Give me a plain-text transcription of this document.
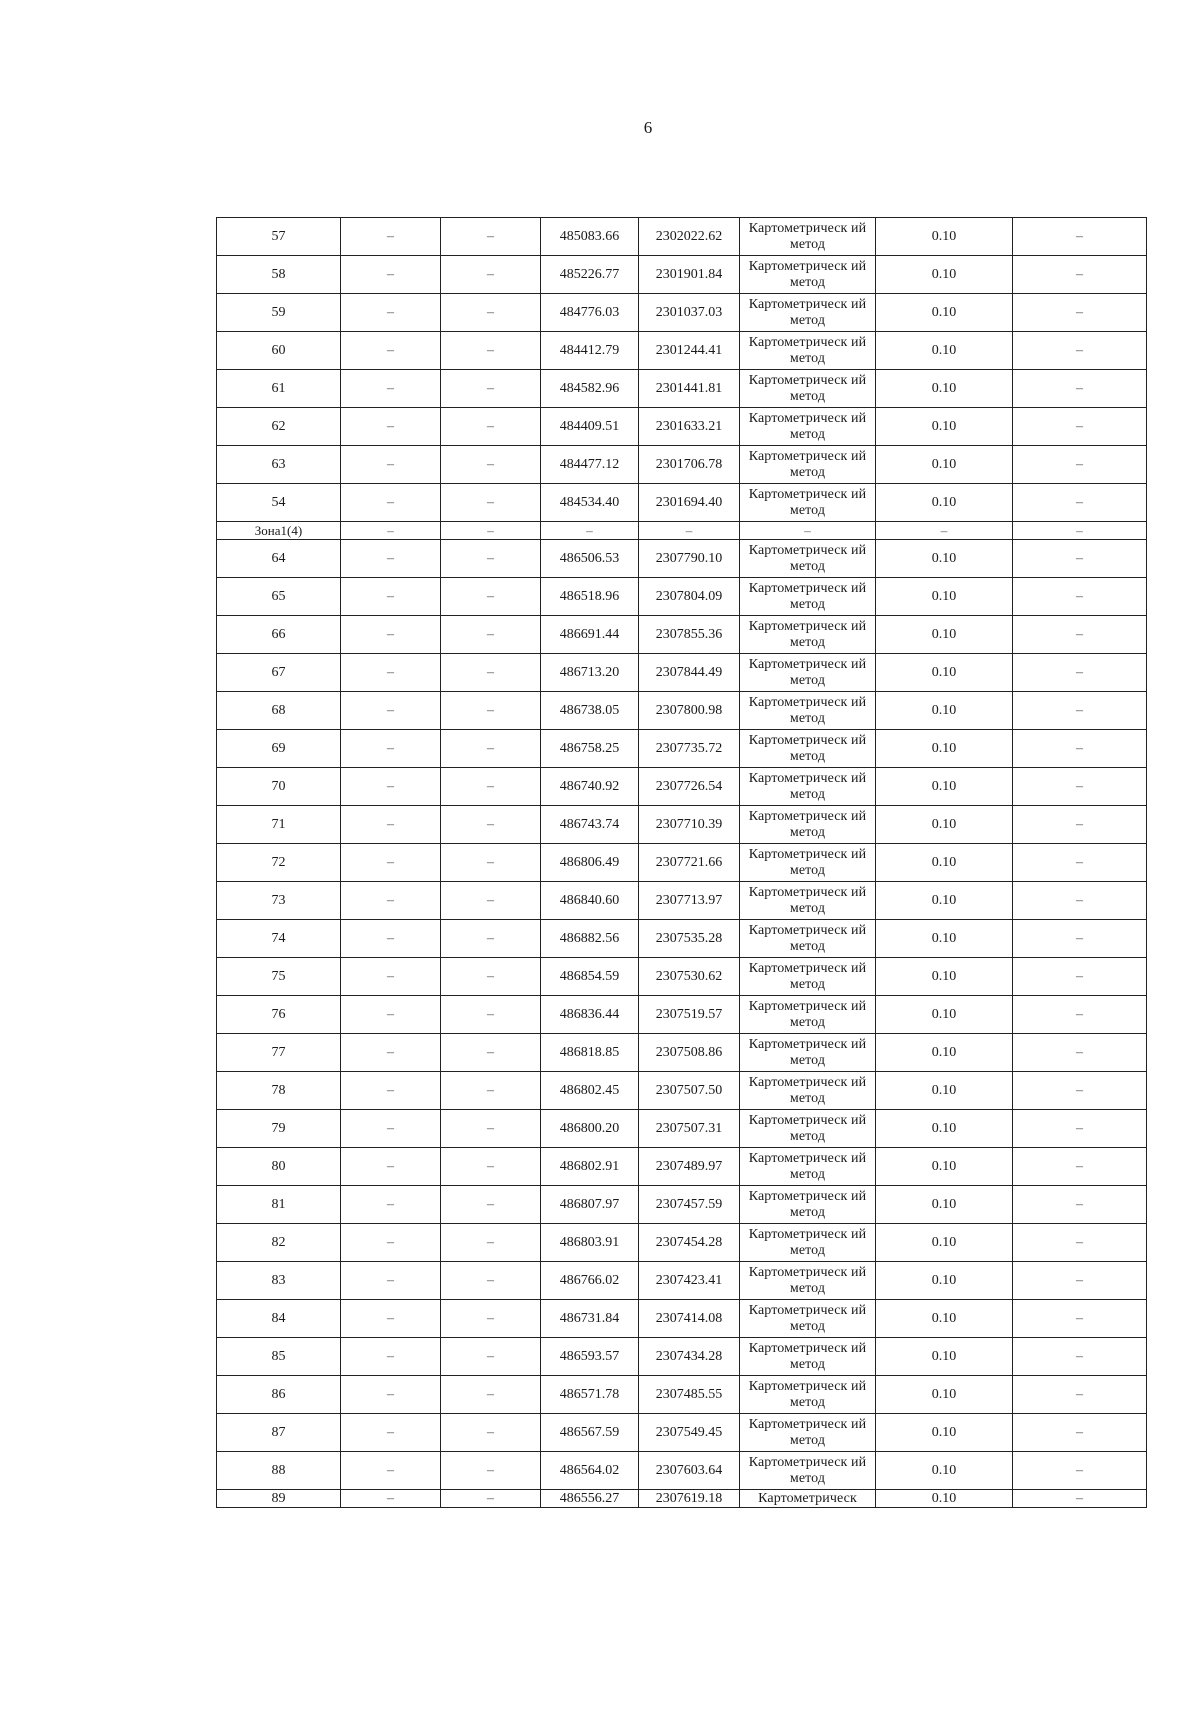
6
57	–	–	485083.66	2302022.62	Картометрическ ий метод	0.10	–
58	–	–	485226.77	2301901.84	Картометрическ ий метод	0.10	–
59	–	–	484776.03	2301037.03	Картометрическ ий метод	0.10	–
60	–	–	484412.79	2301244.41	Картометрическ ий метод	0.10	–
61	–	–	484582.96	2301441.81	Картометрическ ий метод	0.10	–
62	–	–	484409.51	2301633.21	Картометрическ ий метод	0.10	–
63	–	–	484477.12	2301706.78	Картометрическ ий метод	0.10	–
54	–	–	484534.40	2301694.40	Картометрическ ий метод	0.10	–
Зона1(4)	–	–	–	–	–	–	–
64	–	–	486506.53	2307790.10	Картометрическ ий метод	0.10	–
65	–	–	486518.96	2307804.09	Картометрическ ий метод	0.10	–
66	–	–	486691.44	2307855.36	Картометрическ ий метод	0.10	–
67	–	–	486713.20	2307844.49	Картометрическ ий метод	0.10	–
68	–	–	486738.05	2307800.98	Картометрическ ий метод	0.10	–
69	–	–	486758.25	2307735.72	Картометрическ ий метод	0.10	–
70	–	–	486740.92	2307726.54	Картометрическ ий метод	0.10	–
71	–	–	486743.74	2307710.39	Картометрическ ий метод	0.10	–
72	–	–	486806.49	2307721.66	Картометрическ ий метод	0.10	–
73	–	–	486840.60	2307713.97	Картометрическ ий метод	0.10	–
74	–	–	486882.56	2307535.28	Картометрическ ий метод	0.10	–
75	–	–	486854.59	2307530.62	Картометрическ ий метод	0.10	–
76	–	–	486836.44	2307519.57	Картометрическ ий метод	0.10	–
77	–	–	486818.85	2307508.86	Картометрическ ий метод	0.10	–
78	–	–	486802.45	2307507.50	Картометрическ ий метод	0.10	–
79	–	–	486800.20	2307507.31	Картометрическ ий метод	0.10	–
80	–	–	486802.91	2307489.97	Картометрическ ий метод	0.10	–
81	–	–	486807.97	2307457.59	Картометрическ ий метод	0.10	–
82	–	–	486803.91	2307454.28	Картометрическ ий метод	0.10	–
83	–	–	486766.02	2307423.41	Картометрическ ий метод	0.10	–
84	–	–	486731.84	2307414.08	Картометрическ ий метод	0.10	–
85	–	–	486593.57	2307434.28	Картометрическ ий метод	0.10	–
86	–	–	486571.78	2307485.55	Картометрическ ий метод	0.10	–
87	–	–	486567.59	2307549.45	Картометрическ ий метод	0.10	–
88	–	–	486564.02	2307603.64	Картометрическ ий метод	0.10	–
89	–	–	486556.27	2307619.18	Картометрическ	0.10	–
